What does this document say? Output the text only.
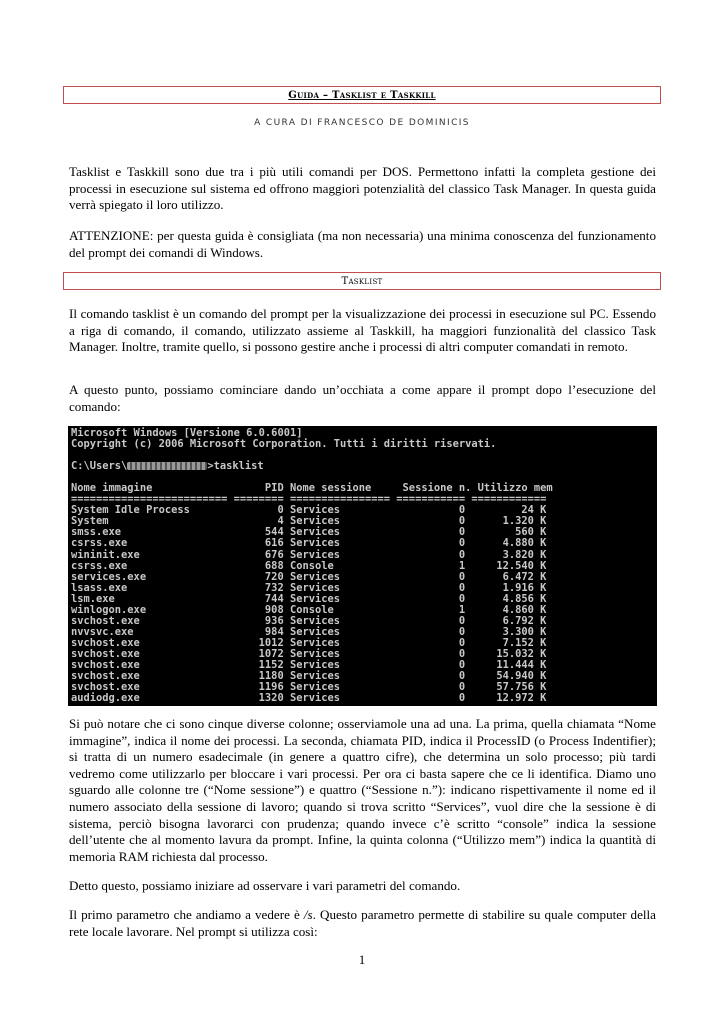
Guida – Tasklist e Taskkill
A CURA DI FRANCESCO DE DOMINICIS

Tasklist e Taskkill sono due tra i più utili comandi per DOS. Permettono infatti la completa gestione dei processi in esecuzione sul sistema ed offrono maggiori potenzialità del classico Task Manager. In questa guida verrà spiegato il loro utilizzo.

ATTENZIONE: per questa guida è consigliata (ma non necessaria) una minima conoscenza del funzionamento del prompt dei comandi di Windows.

Tasklist

Il comando tasklist è un comando del prompt per la visualizzazione dei processi in esecuzione sul PC. Essendo a riga di comando, il comando, utilizzato assieme al Taskkill, ha maggiori funzionalità del classico Task Manager. Inoltre, tramite quello, si possono gestire anche i processi di altri computer comandati in remoto.

A questo punto, possiamo cominciare dando un’occhiata a come appare il prompt dopo l’esecuzione del comando:

Microsoft Windows [Versione 6.0.6001]
Copyright (c) 2006 Microsoft Corporation. Tutti i diritti riservati.
C:\Users\	>tasklist
Nome immagine                  PID Nome sessione     Sessione n. Utilizzo mem
========================= ======== ================ =========== ============
System Idle Process              0 Services                   0         24 K
System                           4 Services                   0      1.320 K
smss.exe                       544 Services                   0        560 K
csrss.exe                      616 Services                   0      4.880 K
wininit.exe                    676 Services                   0      3.820 K
csrss.exe                      688 Console                    1     12.540 K
services.exe                   720 Services                   0      6.472 K
lsass.exe                      732 Services                   0      1.916 K
lsm.exe                        744 Services                   0      4.856 K
winlogon.exe                   908 Console                    1      4.860 K
svchost.exe                    936 Services                   0      6.792 K
nvvsvc.exe                     984 Services                   0      3.300 K
svchost.exe                   1012 Services                   0      7.152 K
svchost.exe                   1072 Services                   0     15.032 K
svchost.exe                   1152 Services                   0     11.444 K
svchost.exe                   1180 Services                   0     54.940 K
svchost.exe                   1196 Services                   0     57.756 K
audiodg.exe                   1320 Services                   0     12.972 K

Si può notare che ci sono cinque diverse colonne; osserviamole una ad una. La prima, quella chiamata “Nome immagine”, indica il nome dei processi. La seconda, chiamata PID, indica il ProcessID (o Process Indentifier); si tratta di un numero esadecimale (in genere a quattro cifre), che determina un solo processo; più tardi vedremo come utilizzarlo per bloccare i vari processi. Per ora ci basta sapere che ce li identifica. Diamo uno sguardo alle colonne tre (“Nome sessione”) e quattro (“Sessione n.”): indicano rispettivamente il nome ed il numero associato della sessione di lavoro; quando si trova scritto “Services”, vuol dire che la sessione è di sistema, perciò bisogna lavorarci con prudenza; quando invece c’è scritto “console” indica la sessione dell’utente che al momento lavura da prompt. Infine, la quinta colonna (“Utilizzo mem”) indica la quantità di memoria RAM richiesta dal processo.

Detto questo, possiamo iniziare ad osservare i vari parametri del comando.

Il primo parametro che andiamo a vedere è /s. Questo parametro permette di stabilire su quale computer della rete locale lavorare. Nel prompt si utilizza così:

1
